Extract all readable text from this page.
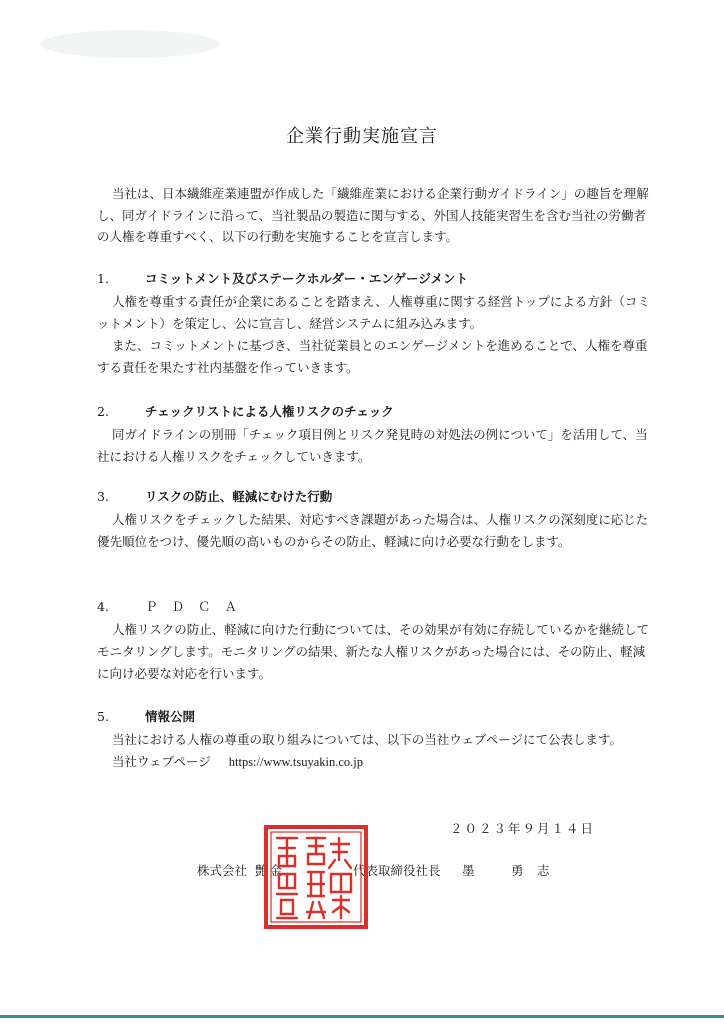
企業行動実施宣言
当社は、日本繊維産業連盟が作成した「繊維産業における企業行動ガイドライン」の趣旨を理解し、同ガイドラインに沿って、当社製品の製造に関与する、外国人技能実習生を含む当社の労働者の人権を尊重すべく、以下の行動を実施することを宣言します。
1.	コミットメント及びステークホルダー・エンゲージメント

人権を尊重する責任が企業にあることを踏まえ、人権尊重に関する経営トップによる方針（コミットメント）を策定し、公に宣言し、経営システムに組み込みます。

また、コミットメントに基づき、当社従業員とのエンゲージメントを進めることで、人権を尊重する責任を果たす社内基盤を作っていきます。

2.	チェックリストによる人権リスクのチェック

同ガイドラインの別冊「チェック項目例とリスク発見時の対処法の例について」を活用して、当社における人権リスクをチェックしていきます。

3.	リスクの防止、軽減にむけた行動

人権リスクをチェックした結果、対応すべき課題があった場合は、人権リスクの深刻度に応じた優先順位をつけ、優先順の高いものからその防止、軽減に向け必要な行動をします。

4.	ＰＤＣＡ

人権リスクの防止、軽減に向けた行動については、その効果が有効に存続しているかを継続してモニタリングします。モニタリングの結果、新たな人権リスクがあった場合には、その防止、軽減に向け必要な対応を行います。

5.	情報公開

当社における人権の尊重の取り組みについては、以下の当社ウェブページにて公表します。

当社ウェブページ https://www.tsuyakin.co.jp
２０２３年９月１４日
株式会社 艶金	代表取締役社長 墨	勇 志
